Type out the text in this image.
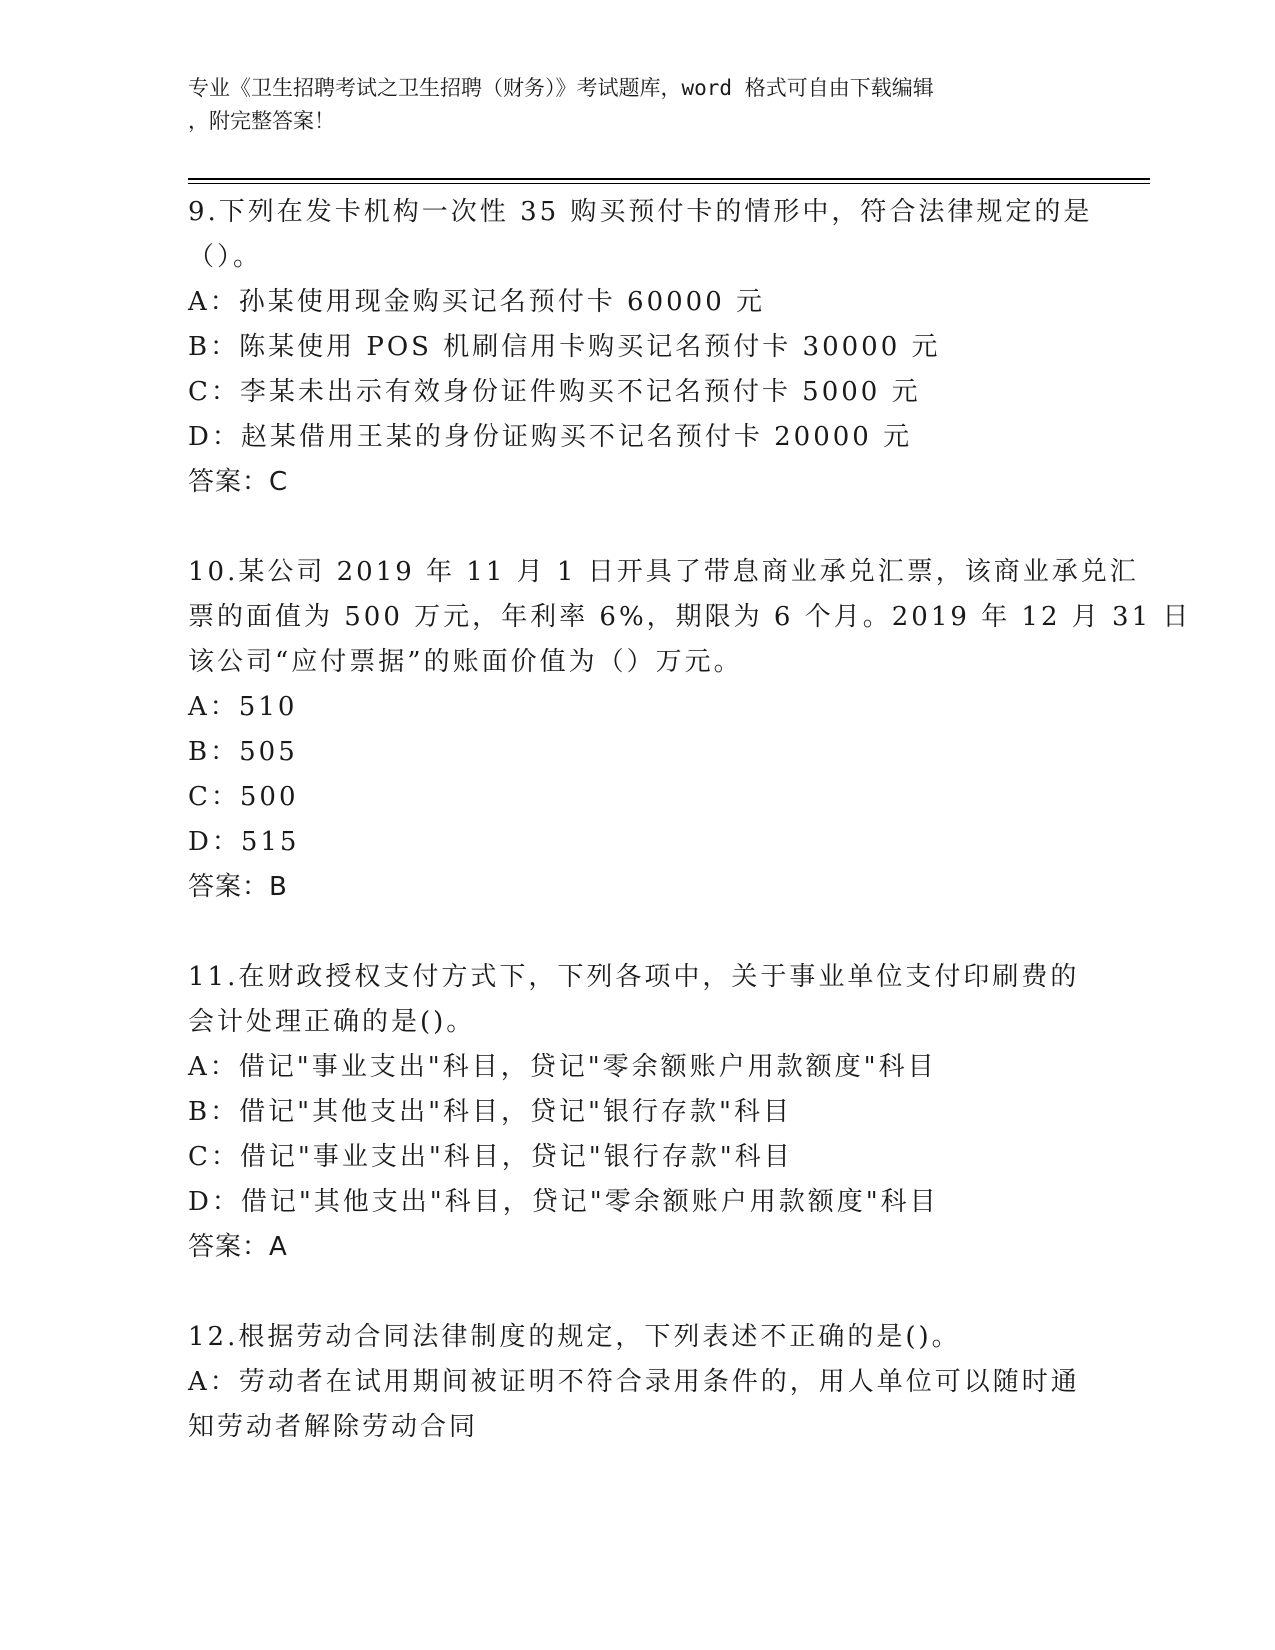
专业《卫生招聘考试之卫生招聘（财务）》考试题库，word 格式可自由下载编辑
，附完整答案！
9.下列在发卡机构一次性 35 购买预付卡的情形中，符合法律规定的是
（）。
A：孙某使用现金购买记名预付卡 60000 元
B：陈某使用 POS 机刷信用卡购买记名预付卡 30000 元
C：李某未出示有效身份证件购买不记名预付卡 5000 元
D：赵某借用王某的身份证购买不记名预付卡 20000 元
答案：C
10.某公司 2019 年 11 月 1 日开具了带息商业承兑汇票，该商业承兑汇
票的面值为 500 万元，年利率 6%，期限为 6 个月。2019 年 12 月 31 日
该公司“应付票据”的账面价值为（）万元。
A：510
B：505
C：500
D：515
答案：B
11.在财政授权支付方式下，下列各项中，关于事业单位支付印刷费的
会计处理正确的是()。
A：借记"事业支出"科目，贷记"零余额账户用款额度"科目
B：借记"其他支出"科目，贷记"银行存款"科目
C：借记"事业支出"科目，贷记"银行存款"科目
D：借记"其他支出"科目，贷记"零余额账户用款额度"科目
答案：A
12.根据劳动合同法律制度的规定，下列表述不正确的是()。
A：劳动者在试用期间被证明不符合录用条件的，用人单位可以随时通
知劳动者解除劳动合同
